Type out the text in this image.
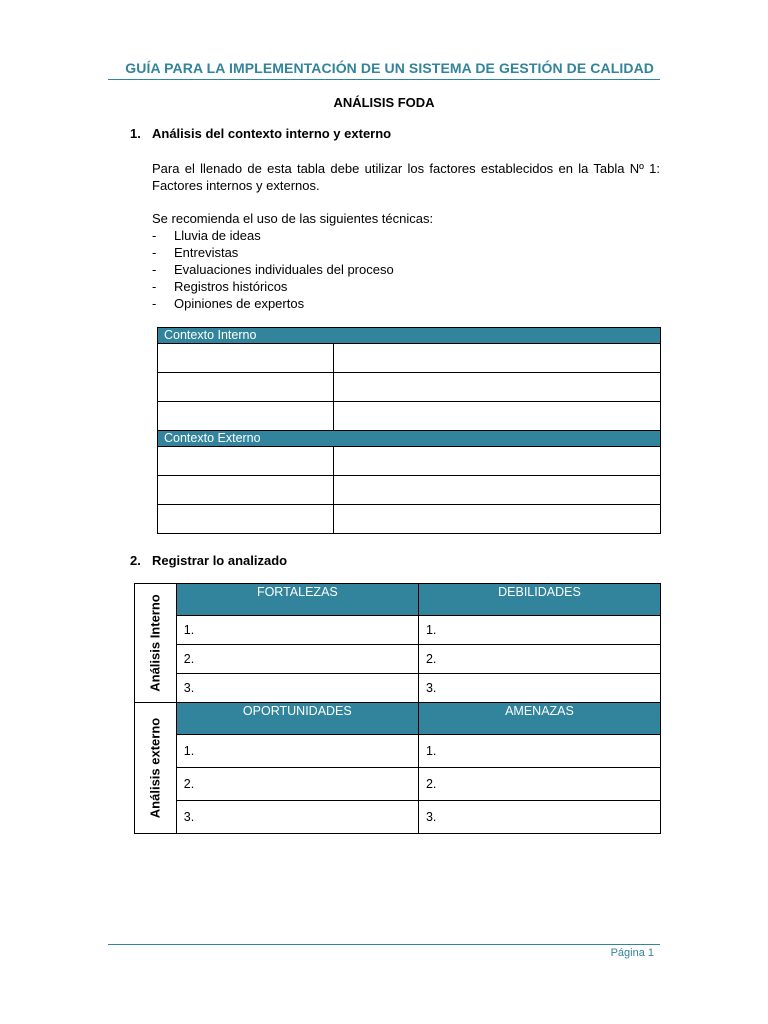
GUÍA PARA LA IMPLEMENTACIÓN DE UN SISTEMA DE GESTIÓN DE CALIDAD
ANÁLISIS FODA
1. Análisis del contexto interno y externo
Para el llenado de esta tabla debe utilizar los factores establecidos en la Tabla Nº 1: Factores internos y externos.
Se recomienda el uso de las siguientes técnicas:
-	Lluvia de ideas
-	Entrevistas
-	Evaluaciones individuales del proceso
-	Registros históricos
-	Opiniones de expertos
Contexto Interno	

Contexto Externo	

2. Registrar lo analizado
Análisis Interno	FORTALEZAS	DEBILIDADES
	1.	1.
	2.	2.
	3.	3.

Análisis externo	OPORTUNIDADES	AMENAZAS
	1.	1.
	2.	2.
	3.	3.
Página 1
